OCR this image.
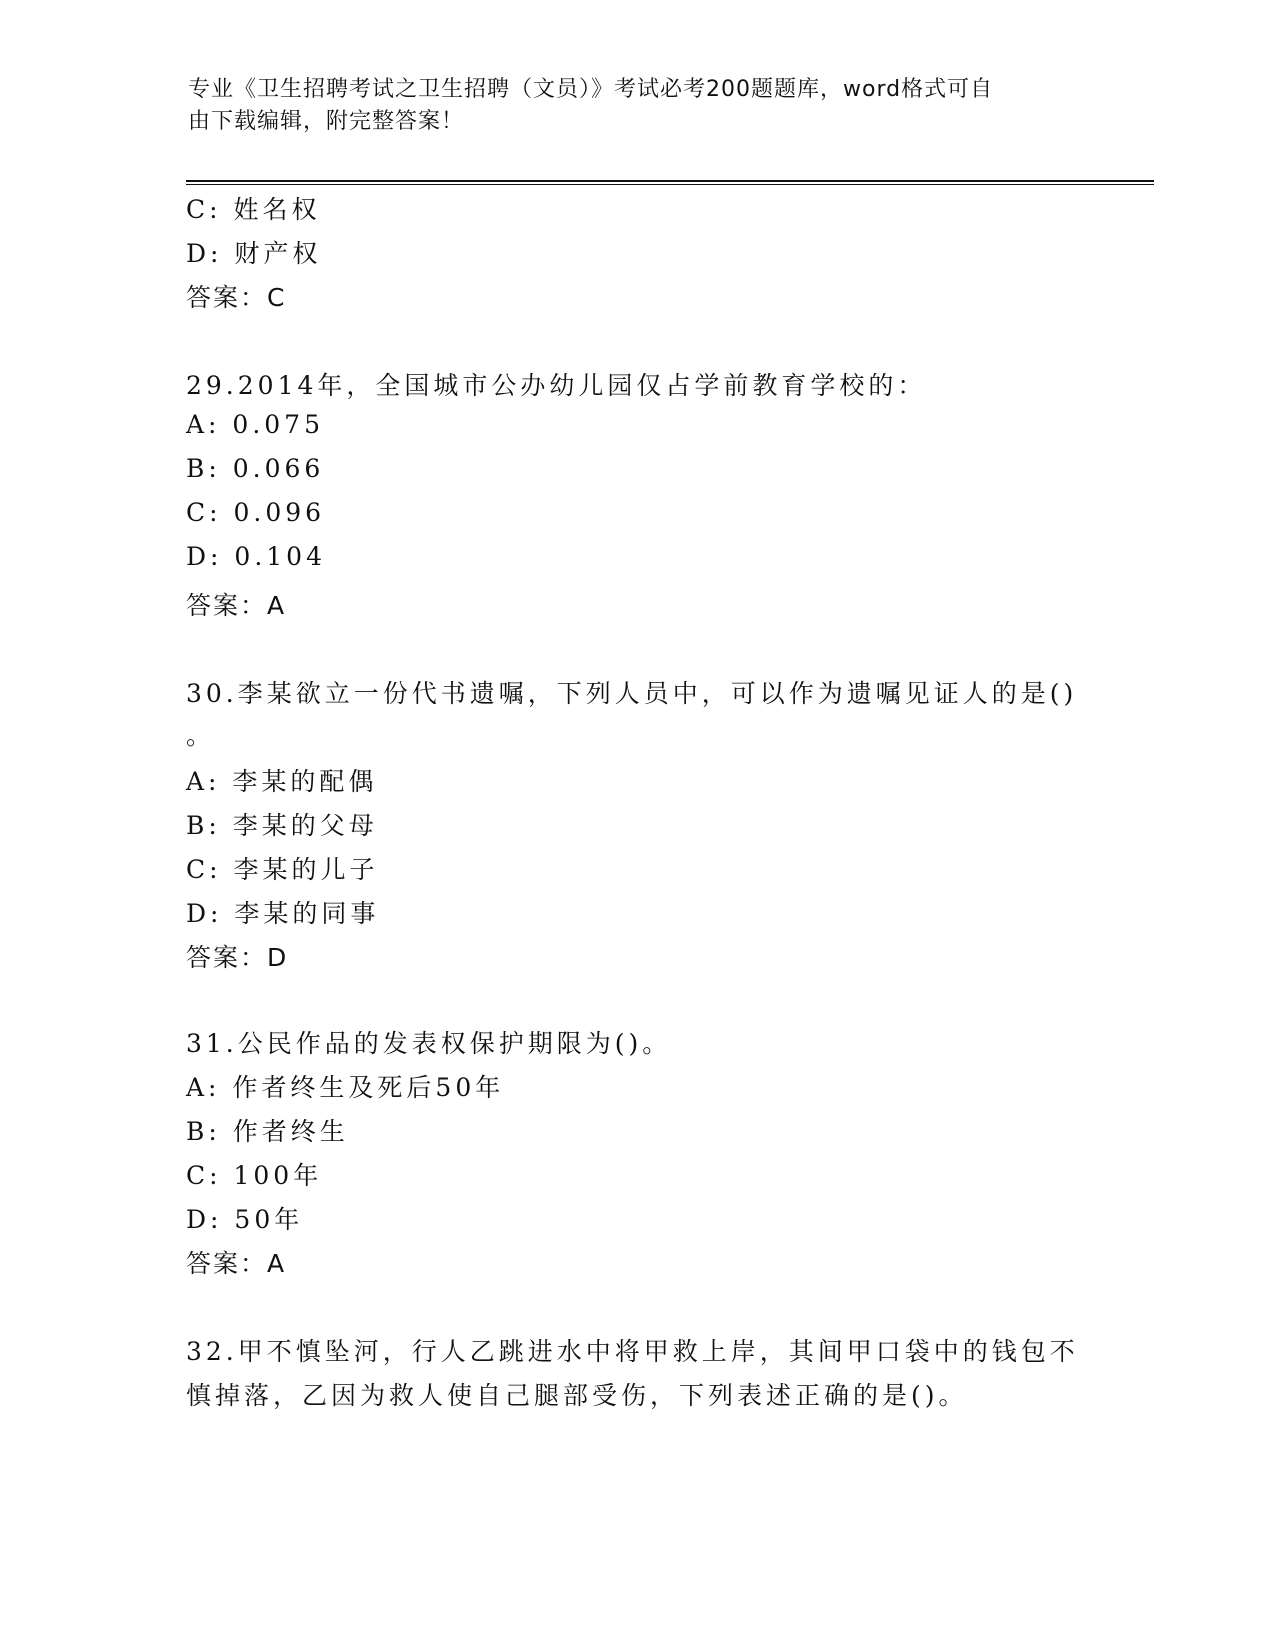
专业《卫生招聘考试之卫生招聘（文员）》考试必考200题题库，word格式可自
由下载编辑，附完整答案！
C: 姓名权
D: 财产权
答案：C
29.2014年，全国城市公办幼儿园仅占学前教育学校的：
A: 0.075
B: 0.066
C: 0.096
D: 0.104
答案：A
30.李某欲立一份代书遗嘱，下列人员中，可以作为遗嘱见证人的是()
。
A: 李某的配偶
B: 李某的父母
C: 李某的儿子
D: 李某的同事
答案：D
31.公民作品的发表权保护期限为()。
A: 作者终生及死后50年
B: 作者终生
C: 100年
D: 50年
答案：A
32.甲不慎坠河，行人乙跳进水中将甲救上岸，其间甲口袋中的钱包不
慎掉落，乙因为救人使自己腿部受伤，下列表述正确的是()。
